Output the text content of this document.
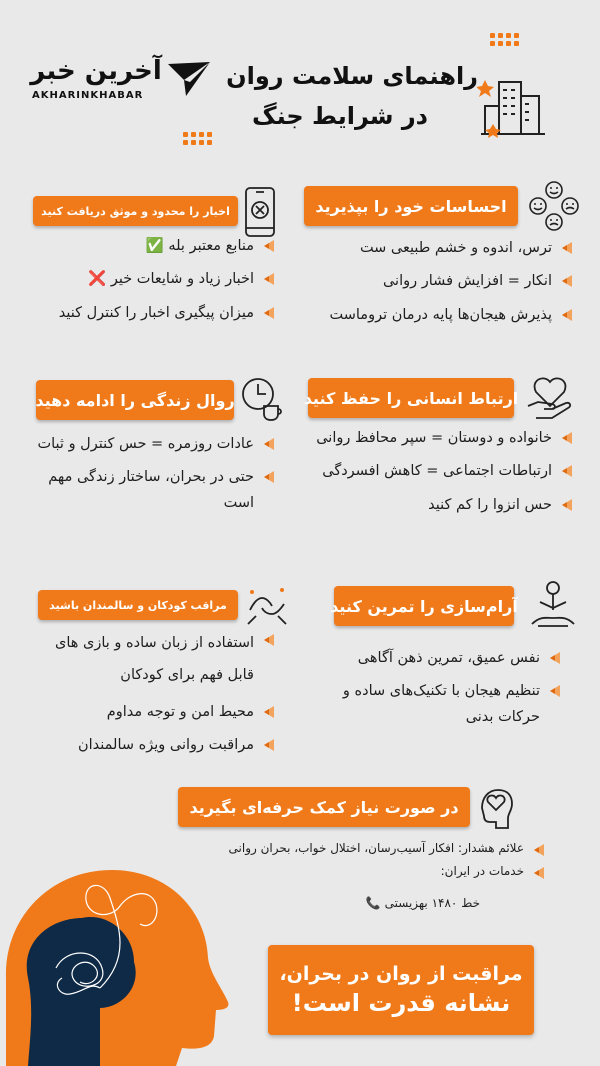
آخرین خبر
AKHARINKHABAR
راهنمای سلامت روان
در شرایط جنگ
احساسات خود را بپذیرید
ترس، اندوه و خشم طبیعی ست
انکار = افزایش فشار روانی
پذیرش هیجان‌ها پایه درمان تروماست
اخبار را محدود و موثق دریافت کنید
منابع معتبر بله ✅
اخبار زیاد و شایعات خیر ❌
میزان پیگیری اخبار را کنترل کنید
ارتباط انسانی را حفظ کنید
خانواده و دوستان = سپر محافظ روانی
ارتباطات اجتماعی = کاهش افسردگی
حس انزوا را کم کنید
روال زندگی را ادامه دهید
عادات روزمره = حس کنترل و ثبات
حتی در بحران، ساختار زندگی مهم است
آرام‌سازی را تمرین کنید
نفس عمیق، تمرین ذهن آگاهی
تنظیم هیجان با تکنیک‌های ساده و حرکات بدنی
مراقب کودکان و سالمندان باشید
استفاده از زبان ساده و بازی های قابل فهم برای کودکان
محیط امن و توجه مداوم
مراقبت روانی ویژه سالمندان
در صورت نیاز کمک حرفه‌ای بگیرید
علائم هشدار: افکار آسیب‌رسان، اختلال خواب، بحران روانی
خدمات در ایران:
خط ۱۴۸۰ بهزیستی 📞
مراقبت از روان در بحران،
نشانه قدرت است!
